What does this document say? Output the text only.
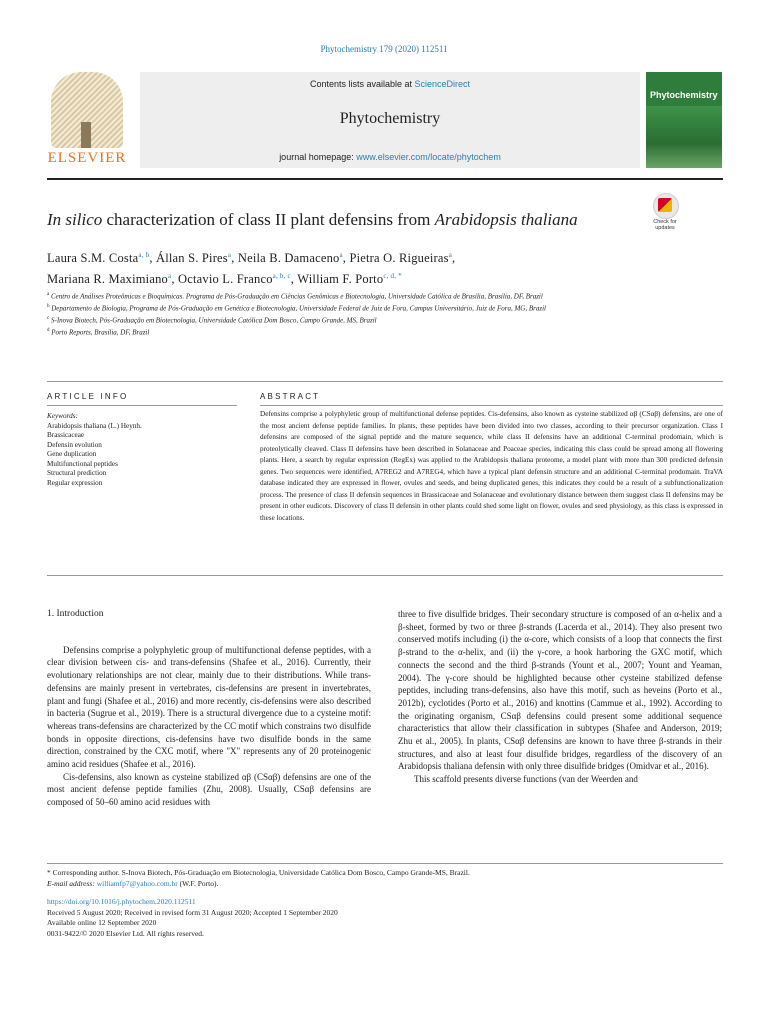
Phytochemistry 179 (2020) 112511
ELSEVIER
Contents lists available at ScienceDirect
Phytochemistry
journal homepage: www.elsevier.com/locate/phytochem
Phytochemistry
In silico characterization of class II plant defensins from Arabidopsis thaliana	Check for updates
Laura S.M. Costa$^{a, b}$, Állan S. Pires$^a$, Neila B. Damaceno$^a$, Pietra O. Rigueiras$^a$,
Mariana R. Maximiano$^a$, Octavio L. Franco$^{a, b, c}$, William F. Porto$^{c, d, *}$
$^a$ Centro de Análises Proteômicas e Bioquímicas. Programa de Pós-Graduação em Ciências Genômicas e Biotecnologia, Universidade Católica de Brasília, Brasília, DF, Brazil
$^b$ Departamento de Biologia, Programa de Pós-Graduação em Genética e Biotecnologia, Universidade Federal de Juiz de Fora, Campus Universitário, Juiz de Fora, MG, Brazil
$^c$ S-Inova Biotech, Pós-Graduação em Biotecnologia, Universidade Católica Dom Bosco, Campo Grande, MS, Brazil
$^d$ Porto Reports, Brasília, DF, Brazil
ARTICLE INFO	ABSTRACT
Keywords:
Arabidopsis thaliana (L.) Heynh.
Brassicaceae
Defensin evolution
Gene duplication
Multifunctional peptides
Structural prediction
Regular expression
Defensins comprise a polyphyletic group of multifunctional defense peptides. Cis-defensins, also known as cysteine stabilized αβ (CSαβ) defensins, are one of the most ancient defense peptide families. In plants, these peptides have been divided into two classes, according to their precursor organization. Class I defensins are composed of the signal peptide and the mature sequence, while class II defensins have an additional C-terminal prodomain, which is proteolytically cleaved. Class II defensins have been described in Solanaceae and Poaceae species, indicating this class could be spread among all flowering plants. Here, a search by regular expression (RegEx) was applied to the Arabidopsis thaliana proteome, a model plant with more than 300 predicted defensin genes. Two sequences were identified, A7REG2 and A7REG4, which have a typical plant defensin structure and an additional C-terminal prodomain. TraVA database indicated they are expressed in flower, ovules and seeds, and being duplicated genes, this indicates they could be a result of a subfunctionalization process. The presence of class II defensin sequences in Brassicaceae and Solanaceae and evolutionary distance between them suggest class II defensins may be present in other eudicots. Discovery of class II defensin in other plants could shed some light on flower, ovules and seed physiology, as this class is expressed in these locations.

1. Introduction

Defensins comprise a polyphyletic group of multifunctional defense peptides, with a clear division between cis- and trans-defensins (Shafee et al., 2016). Currently, their evolutionary relationships are not clear, mainly due to their distributions. While trans-defensins are mainly present in vertebrates, cis-defensins are present in invertebrates, plant and fungi (Shafee et al., 2016) and more recently, cis-defensins were also described in bacteria (Sugrue et al., 2019). There is a structural divergence due to a cysteine motif: whereas trans-defensins are characterized by the CC motif which constrains two disulfide bonds in opposite directions, cis-defensins have two disulfide bonds in the same direction, constrained by the CXC motif, where "X" represents any of 20 proteinogenic amino acid residues (Shafee et al., 2016).

Cis-defensins, also known as cysteine stabilized αβ (CSαβ) defensins are one of the most ancient defense peptide families (Zhu, 2008). Usually, CSαβ defensins are composed of 50–60 amino acid residues with

three to five disulfide bridges. Their secondary structure is composed of an α-helix and a β-sheet, formed by two or three β-strands (Lacerda et al., 2014). They also present two conserved motifs including (i) the α-core, which consists of a loop that connects the first β-strand to the α-helix, and (ii) the γ-core, a hook harboring the GXC motif, which connects the second and the third β-strands (Yount et al., 2007; Yount and Yeaman, 2004). The γ-core should be highlighted because other cysteine stabilized defense peptides, including trans-defensins, also have this motif, such as heveins (Porto et al., 2012b), cyclotides (Porto et al., 2016) and knottins (Cammue et al., 1992). According to the originating organism, CSαβ defensins could present some additional sequence characteristics that allow their classification in subtypes (Shafee and Anderson, 2019; Zhu et al., 2005). In plants, CSαβ defensins are known to have three β-strands in their structures, and also at least four disulfide bridges, regardless of the discovery of an Arabidopsis thaliana defensin with only three disulfide bridges (Omidvar et al., 2016).

This scaffold presents diverse functions (van der Weerden and

* Corresponding author. S-Inova Biotech, Pós-Graduação em Biotecnologia, Universidade Católica Dom Bosco, Campo Grande-MS, Brazil.
E-mail address: williamfp7@yahoo.com.br (W.F. Porto).
https://doi.org/10.1016/j.phytochem.2020.112511
Received 5 August 2020; Received in revised form 31 August 2020; Accepted 1 September 2020
Available online 12 September 2020
0031-9422/© 2020 Elsevier Ltd. All rights reserved.
